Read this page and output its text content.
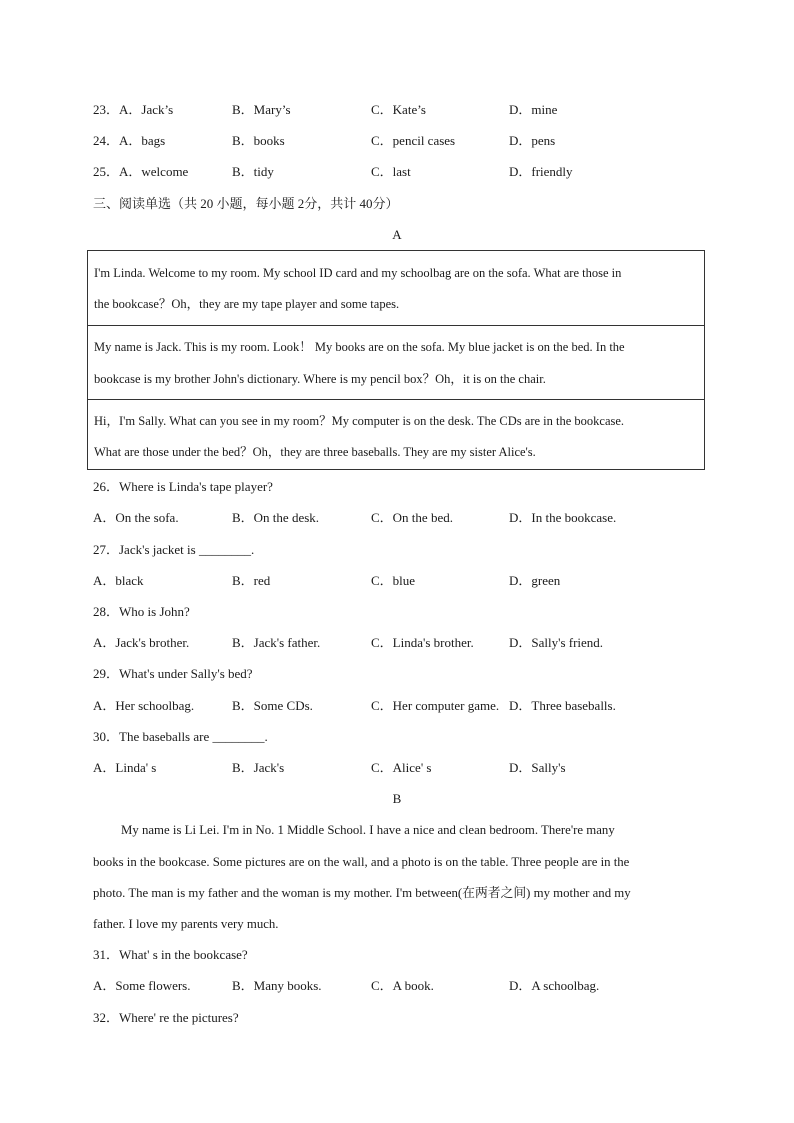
23．A．Jack’s	B．Mary’s	C．Kate’s	D．mine
24．A．bags	B．books	C．pencil cases	D．pens
25．A．welcome	B．tidy	C．last	D．friendly
三、阅读单选（共 20 小题，每小题 2分，共计 40分）
A

I'm Linda. Welcome to my room. My school ID card and my schoolbag are on the sofa. What are those in

the bookcase？Oh，they are my tape player and some tapes.

My name is Jack. This is my room. Look！ My books are on the sofa. My blue jacket is on the bed. In the

bookcase is my brother John's dictionary. Where is my pencil box？Oh，it is on the chair.

Hi，I'm Sally. What can you see in my room？My computer is on the desk. The CDs are in the bookcase.

What are those under the bed？Oh，they are three baseballs. They are my sister Alice's.

26．Where is Linda's tape player?
A．On the sofa.	B．On the desk.	C．On the bed.	D．In the bookcase.
27．Jack's jacket is ________.
A．black	B．red	C．blue	D．green
28．Who is John?
A．Jack's brother.	B．Jack's father.	C．Linda's brother.	D．Sally's friend.
29．What's under Sally's bed?
A．Her schoolbag.	B．Some CDs.	C．Her computer game. D．Three baseballs.
30．The baseballs are ________.
A．Linda' s	B．Jack's	C．Alice' s	D．Sally's
B
My name is Li Lei. I'm in No. 1 Middle School. I have a nice and clean bedroom. There're many
books in the bookcase. Some pictures are on the wall, and a photo is on the table. Three people are in the
photo. The man is my father and the woman is my mother. I'm between(在两者之间) my mother and my
father. I love my parents very much.
31．What' s in the bookcase?
A．Some flowers.	B．Many books.	C．A book.	D．A schoolbag.
32．Where' re the pictures?
